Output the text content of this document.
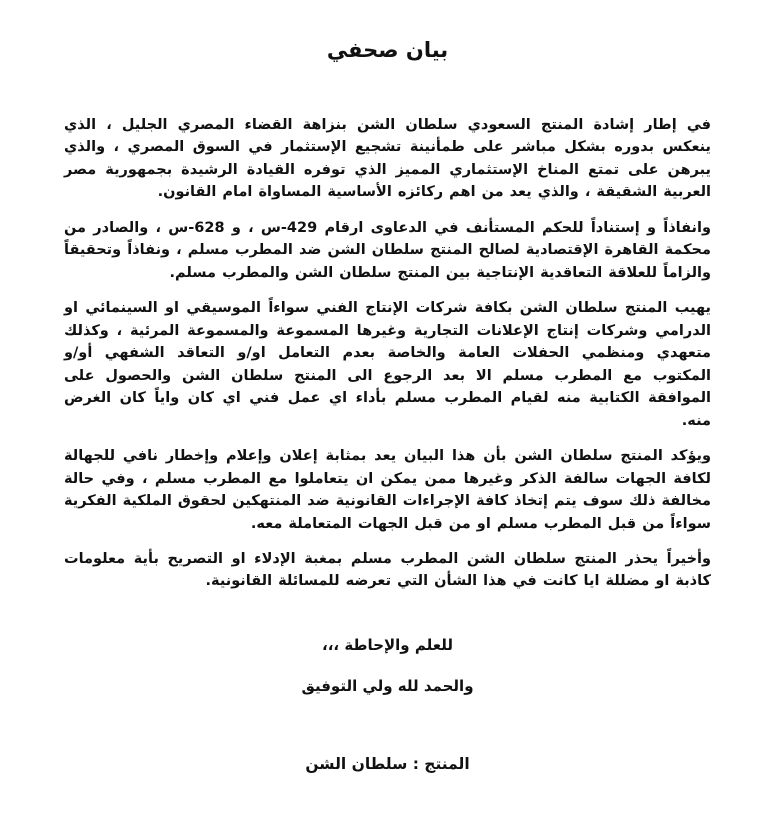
بيان صحفي

في إطار إشادة المنتج السعودي سلطان الشن بنزاهة القضاء المصري الجليل ، الذي ينعكس بدوره بشكل مباشر على طمأنينة تشجيع الإستثمار في السوق المصري ، والذي يبرهن على تمتع المناخ الإستثماري المميز الذي توفره القيادة الرشيدة بجمهورية مصر العربية الشقيقة ، والذي يعد من اهم ركائزه الأساسية المساواة امام القانون.

وانفاذاً و إستناداً للحكم المستأنف في الدعاوى ارقام 429-س ، و 628-س ، والصادر من محكمة القاهرة الإقتصادية لصالح المنتج سلطان الشن ضد المطرب مسلم ، ونفاذاً وتحقيقاً والزاماً للعلاقة التعاقدية الإنتاجية بين المنتج سلطان الشن والمطرب مسلم.

يهيب المنتج سلطان الشن بكافة شركات الإنتاج الفني سواءاً الموسيقي او السينمائي او الدرامي وشركات إنتاج الإعلانات التجارية وغيرها المسموعة والمسموعة المرئية ، وكذلك متعهدي ومنظمي الحفلات العامة والخاصة بعدم التعامل او/و التعاقد الشفهي أو/و المكتوب مع المطرب مسلم الا بعد الرجوع الى المنتج سلطان الشن والحصول على الموافقة الكتابية منه لقيام المطرب مسلم بأداء اي عمل فني اي كان واياً كان الغرض منه.

ويؤكد المنتج سلطان الشن بأن هذا البيان يعد بمثابة إعلان وإعلام وإخطار نافي للجهالة لكافة الجهات سالفة الذكر وغيرها ممن يمكن ان يتعاملوا مع المطرب مسلم ، وفي حالة مخالفة ذلك سوف يتم إتخاذ كافة الإجراءات القانونية ضد المنتهكين لحقوق الملكية الفكرية سواءاً من قبل المطرب مسلم او من قبل الجهات المتعاملة معه.

وأخيراً يحذر المنتج سلطان الشن المطرب مسلم بمغبة الإدلاء او التصريح بأية معلومات كاذبة او مضللة ايا كانت في هذا الشأن التي تعرضه للمسائلة القانونية.

للعلم والإحاطة ،،،
والحمد لله ولي التوفيق
المنتج : سلطان الشن
